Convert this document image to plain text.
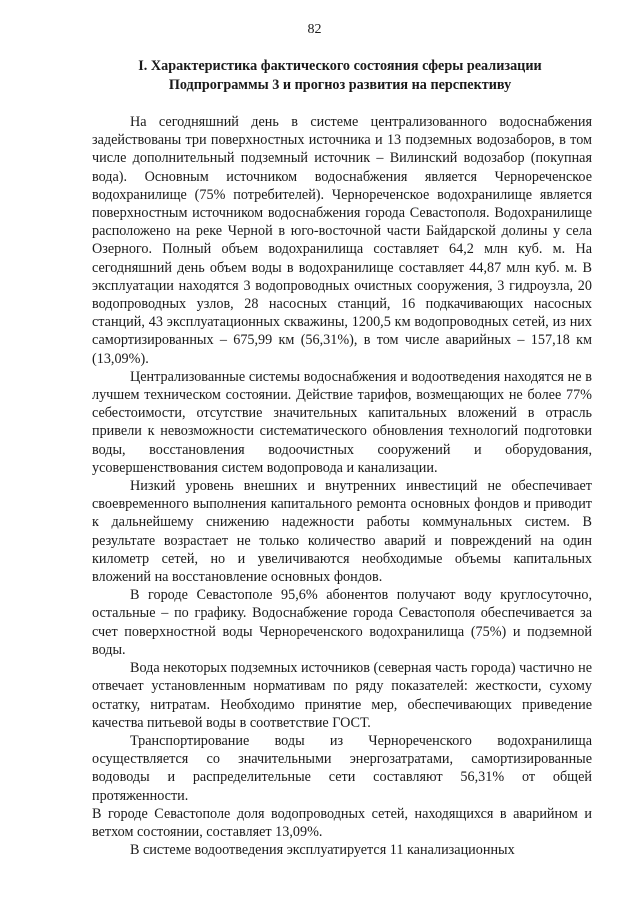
82
I. Характеристика фактического состояния сферы реализации
Подпрограммы 3 и прогноз развития на перспективу

На сегодняшний день в системе централизованного водоснабжения задействованы три поверхностных источника и 13 подземных водозаборов, в том числе дополнительный подземный источник – Вилинский водозабор (покупная вода). Основным источником водоснабжения является Чернореченское водохранилище (75% потребителей). Чернореченское водохранилище является поверхностным источником водоснабжения города Севастополя. Водохранилище расположено на реке Черной в юго-восточной части Байдарской долины у села Озерного. Полный объем водохранилища составляет 64,2 млн куб. м. На сегодняшний день объем воды в водохранилище составляет 44,87 млн куб. м. В эксплуатации находятся 3 водопроводных очистных сооружения, 3 гидроузла, 20 водопроводных узлов, 28 насосных станций, 16 подкачивающих насосных станций, 43 эксплуатационных скважины, 1200,5 км водопроводных сетей, из них самортизированных – 675,99 км (56,31%), в том числе аварийных – 157,18 км (13,09%).

Централизованные системы водоснабжения и водоотведения находятся не в лучшем техническом состоянии. Действие тарифов, возмещающих не более 77% себестоимости, отсутствие значительных капитальных вложений в отрасль привели к невозможности систематического обновления технологий подготовки воды, восстановления водоочистных сооружений и оборудования, усовершенствования систем водопровода и канализации.

Низкий уровень внешних и внутренних инвестиций не обеспечивает своевременного выполнения капитального ремонта основных фондов и приводит к дальнейшему снижению надежности работы коммунальных систем. В результате возрастает не только количество аварий и повреждений на один километр сетей, но и увеличиваются необходимые объемы капитальных вложений на восстановление основных фондов.

В городе Севастополе 95,6% абонентов получают воду круглосуточно, остальные – по графику. Водоснабжение города Севастополя обеспечивается за счет поверхностной воды Чернореченского водохранилища (75%) и подземной воды.

Вода некоторых подземных источников (северная часть города) частично не отвечает установленным нормативам по ряду показателей: жесткости, сухому остатку, нитратам. Необходимо принятие мер, обеспечивающих приведение качества питьевой воды в соответствие ГОСТ.

Транспортирование воды из Чернореченского водохранилища осуществляется со значительными энергозатратами, самортизированные водоводы и распределительные сети составляют 56,31% от общей протяженности.

В городе Севастополе доля водопроводных сетей, находящихся в аварийном и ветхом состоянии, составляет 13,09%.

В системе водоотведения эксплуатируется 11 канализационных
